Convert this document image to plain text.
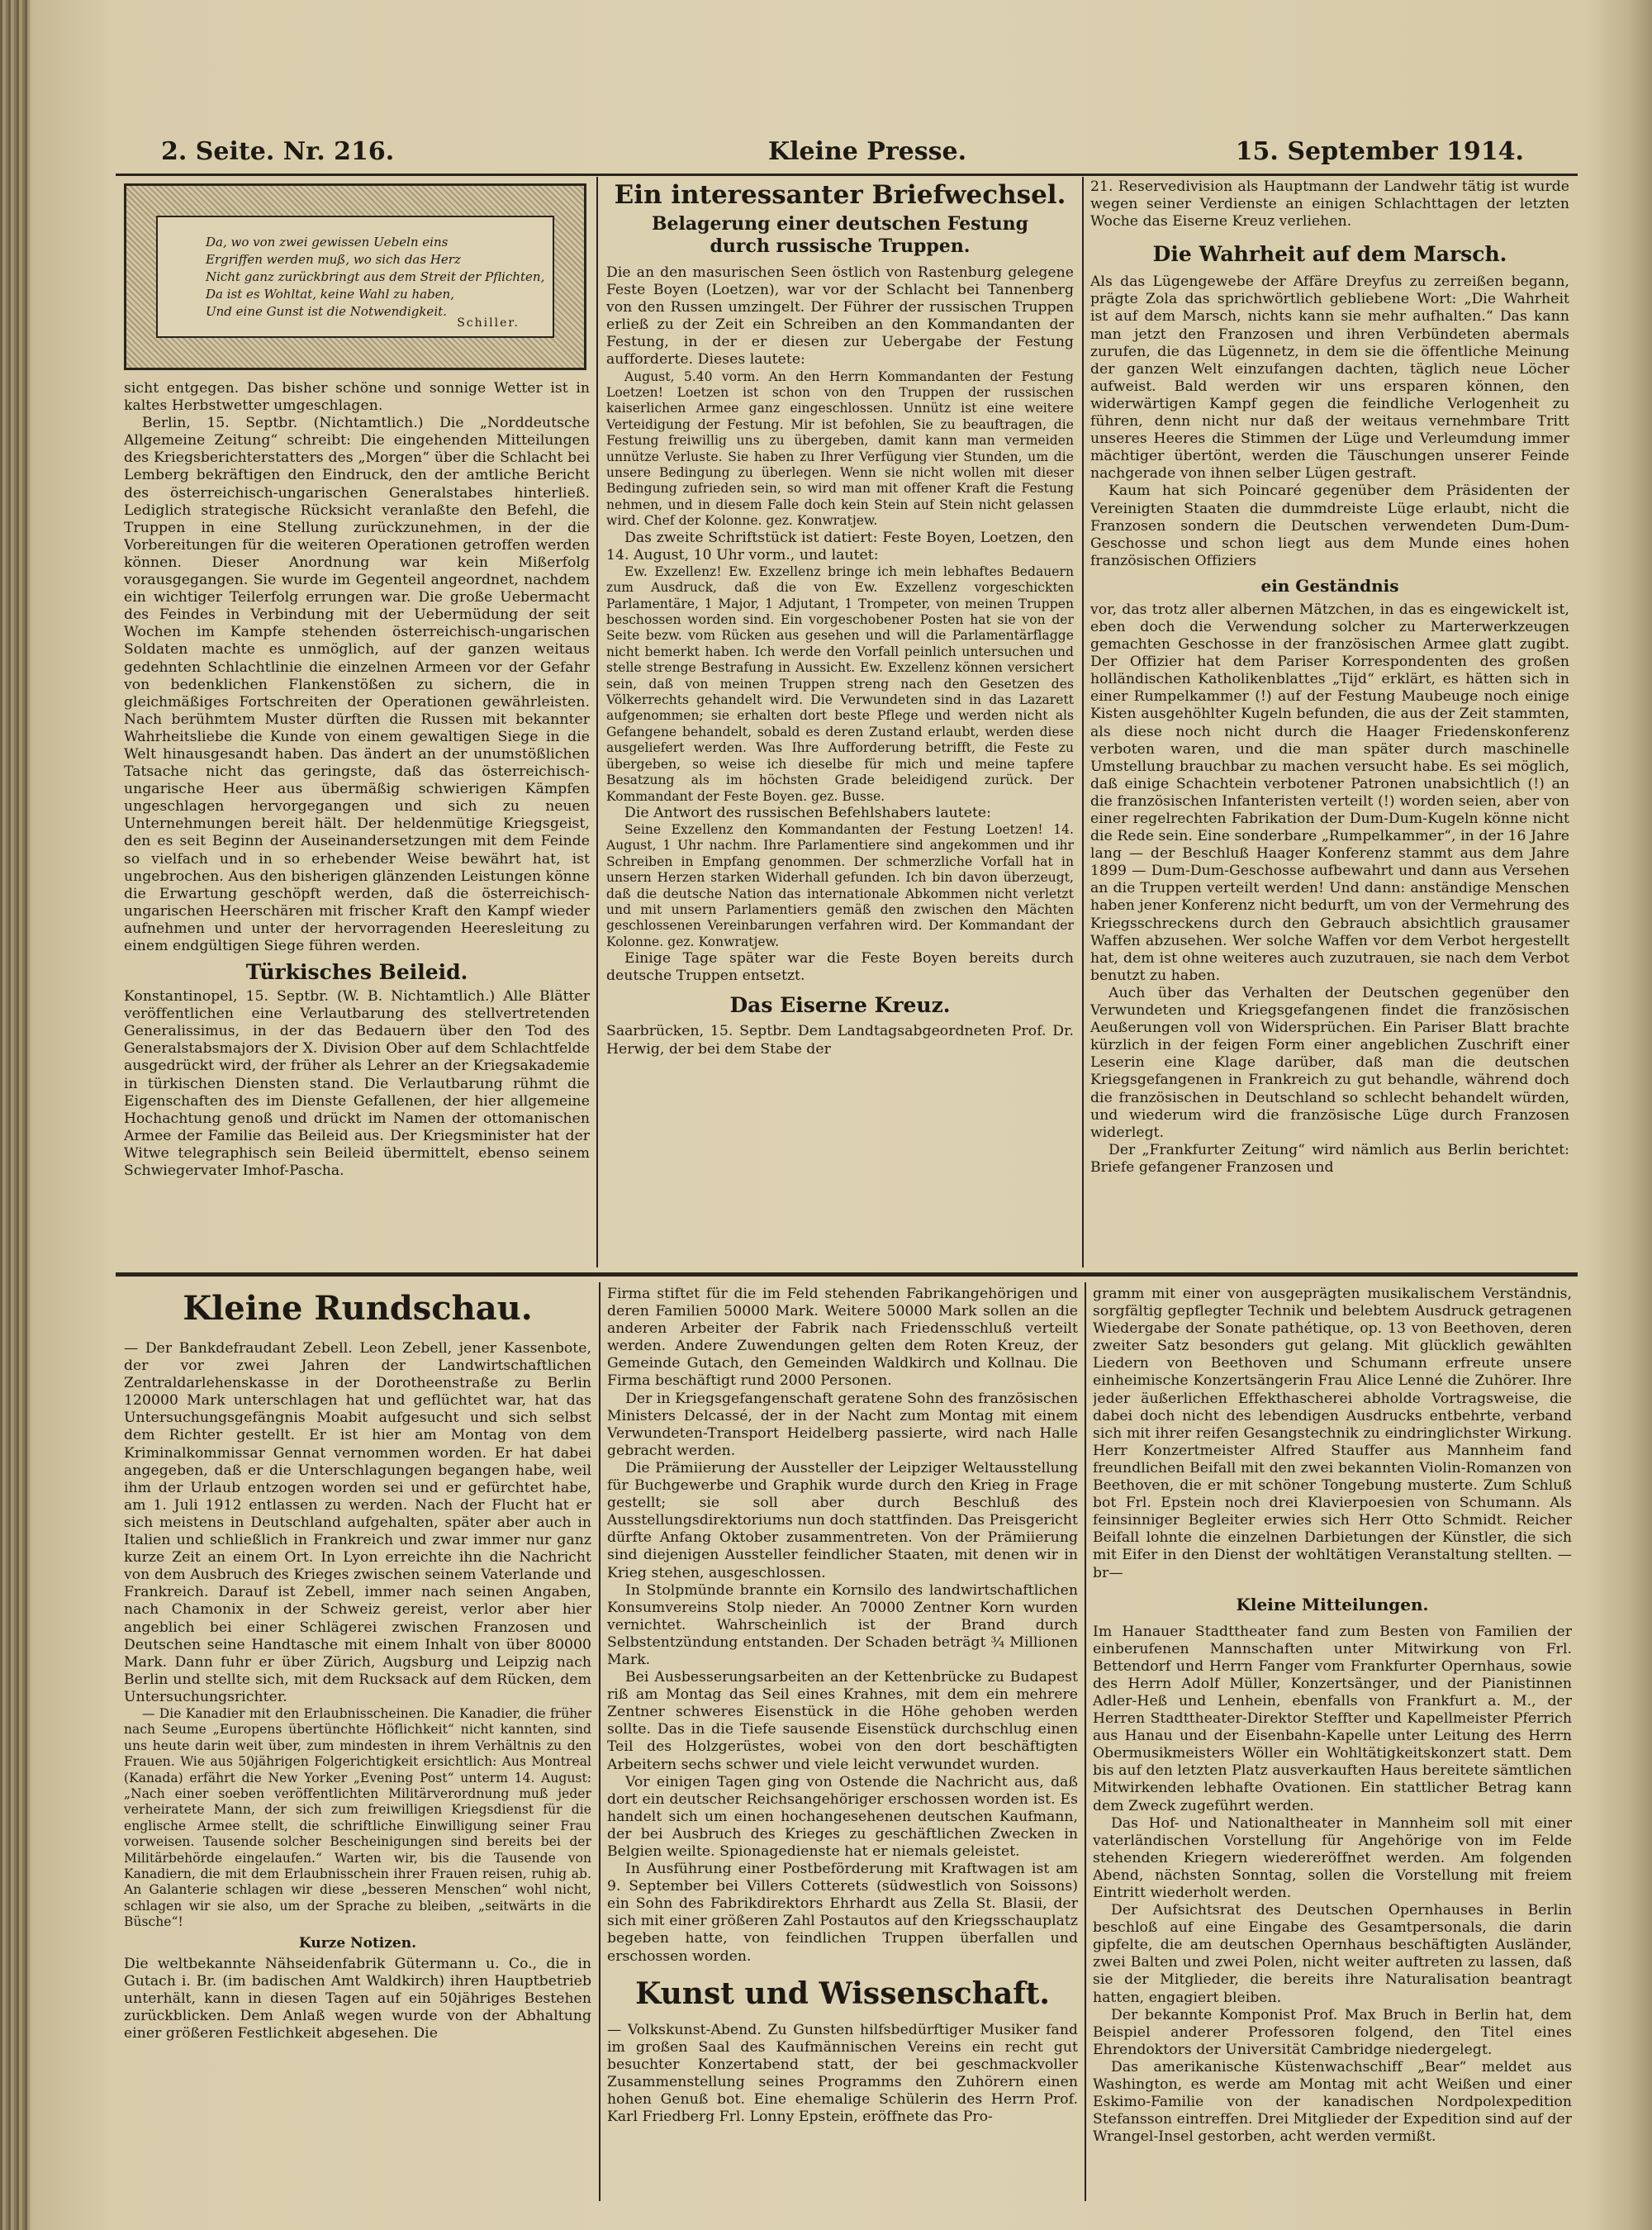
2. Seite. Nr. 216.	Kleine Presse.	15. September 1914.

Da, wo von zwei gewissen Uebeln eins

Ergriffen werden muß, wo sich das Herz

Nicht ganz zurückbringt aus dem Streit der Pflichten,

Da ist es Wohltat, keine Wahl zu haben,

Und eine Gunst ist die Notwendigkeit.

Schiller.

sicht entgegen. Das bisher schöne und sonnige Wetter ist in kaltes Herbstwetter umgeschlagen.

Berlin, 15. Septbr. (Nichtamtlich.) Die „Norddeutsche Allgemeine Zeitung“ schreibt: Die eingehenden Mitteilungen des Kriegsberichterstatters des „Morgen“ über die Schlacht bei Lemberg bekräftigen den Eindruck, den der amtliche Bericht des österreichisch-ungarischen Generalstabes hinterließ. Lediglich strategische Rücksicht veranlaßte den Befehl, die Truppen in eine Stellung zurückzunehmen, in der die Vorbereitungen für die weiteren Operationen getroffen werden können. Dieser Anordnung war kein Mißerfolg vorausgegangen. Sie wurde im Gegenteil angeordnet, nachdem ein wichtiger Teilerfolg errungen war. Die große Uebermacht des Feindes in Verbindung mit der Uebermüdung der seit Wochen im Kampfe stehenden österreichisch-ungarischen Soldaten machte es unmöglich, auf der ganzen weitaus gedehnten Schlachtlinie die einzelnen Armeen vor der Gefahr von bedenklichen Flankenstößen zu sichern, die in gleichmäßiges Fortschreiten der Operationen gewährleisten. Nach berühmtem Muster dürften die Russen mit bekannter Wahrheitsliebe die Kunde von einem gewaltigen Siege in die Welt hinausgesandt haben. Das ändert an der unumstößlichen Tatsache nicht das geringste, daß das österreichisch-ungarische Heer aus übermäßig schwierigen Kämpfen ungeschlagen hervorgegangen und sich zu neuen Unternehmungen bereit hält. Der heldenmütige Kriegsgeist, den es seit Beginn der Auseinandersetzungen mit dem Feinde so vielfach und in so erhebender Weise bewährt hat, ist ungebrochen. Aus den bisherigen glänzenden Leistungen könne die Erwartung geschöpft werden, daß die österreichisch-ungarischen Heerschären mit frischer Kraft den Kampf wieder aufnehmen und unter der hervorragenden Heeresleitung zu einem endgültigen Siege führen werden.

Türkisches Beileid.

Konstantinopel, 15. Septbr. (W. B. Nichtamtlich.) Alle Blätter veröffentlichen eine Verlautbarung des stellvertretenden Generalissimus, in der das Bedauern über den Tod des Generalstabsmajors der X. Division Ober auf dem Schlachtfelde ausgedrückt wird, der früher als Lehrer an der Kriegsakademie in türkischen Diensten stand. Die Verlautbarung rühmt die Eigenschaften des im Dienste Gefallenen, der hier allgemeine Hochachtung genoß und drückt im Namen der ottomanischen Armee der Familie das Beileid aus. Der Kriegsminister hat der Witwe telegraphisch sein Beileid übermittelt, ebenso seinem Schwiegervater Imhof-Pascha.

Ein interessanter Briefwechsel.
Belagerung einer deutschen Festung
durch russische Truppen.

Die an den masurischen Seen östlich von Rastenburg gelegene Feste Boyen (Loetzen), war vor der Schlacht bei Tannenberg von den Russen umzingelt. Der Führer der russischen Truppen erließ zu der Zeit ein Schreiben an den Kommandanten der Festung, in der er diesen zur Uebergabe der Festung aufforderte. Dieses lautete:

August, 5.40 vorm. An den Herrn Kommandanten der Festung Loetzen! Loetzen ist schon von den Truppen der russischen kaiserlichen Armee ganz eingeschlossen. Unnütz ist eine weitere Verteidigung der Festung. Mir ist befohlen, Sie zu beauftragen, die Festung freiwillig uns zu übergeben, damit kann man vermeiden unnütze Verluste. Sie haben zu Ihrer Verfügung vier Stunden, um die unsere Bedingung zu überlegen. Wenn sie nicht wollen mit dieser Bedingung zufrieden sein, so wird man mit offener Kraft die Festung nehmen, und in diesem Falle doch kein Stein auf Stein nicht gelassen wird. Chef der Kolonne. gez. Konwratjew.

Das zweite Schriftstück ist datiert: Feste Boyen, Loetzen, den 14. August, 10 Uhr vorm., und lautet:

Ew. Exzellenz! Ew. Exzellenz bringe ich mein lebhaftes Bedauern zum Ausdruck, daß die von Ew. Exzellenz vorgeschickten Parlamentäre, 1 Major, 1 Adjutant, 1 Trompeter, von meinen Truppen beschossen worden sind. Ein vorgeschobener Posten hat sie von der Seite bezw. vom Rücken aus gesehen und will die Parlamentärflagge nicht bemerkt haben. Ich werde den Vorfall peinlich untersuchen und stelle strenge Bestrafung in Aussicht. Ew. Exzellenz können versichert sein, daß von meinen Truppen streng nach den Gesetzen des Völkerrechts gehandelt wird. Die Verwundeten sind in das Lazarett aufgenommen; sie erhalten dort beste Pflege und werden nicht als Gefangene behandelt, sobald es deren Zustand erlaubt, werden diese ausgeliefert werden. Was Ihre Aufforderung betrifft, die Feste zu übergeben, so weise ich dieselbe für mich und meine tapfere Besatzung als im höchsten Grade beleidigend zurück. Der Kommandant der Feste Boyen. gez. Busse.

Die Antwort des russischen Befehlshabers lautete:

Seine Exzellenz den Kommandanten der Festung Loetzen! 14. August, 1 Uhr nachm. Ihre Parlamentiere sind angekommen und ihr Schreiben in Empfang genommen. Der schmerzliche Vorfall hat in unsern Herzen starken Widerhall gefunden. Ich bin davon überzeugt, daß die deutsche Nation das internationale Abkommen nicht verletzt und mit unsern Parlamentiers gemäß den zwischen den Mächten geschlossenen Vereinbarungen verfahren wird. Der Kommandant der Kolonne. gez. Konwratjew.

Einige Tage später war die Feste Boyen bereits durch deutsche Truppen entsetzt.

Das Eiserne Kreuz.

Saarbrücken, 15. Septbr. Dem Landtagsabgeordneten Prof. Dr. Herwig, der bei dem Stabe der

21. Reservedivision als Hauptmann der Landwehr tätig ist wurde wegen seiner Verdienste an einigen Schlachttagen der letzten Woche das Eiserne Kreuz verliehen.

Die Wahrheit auf dem Marsch.

Als das Lügengewebe der Affäre Dreyfus zu zerreißen begann, prägte Zola das sprichwörtlich gebliebene Wort: „Die Wahrheit ist auf dem Marsch, nichts kann sie mehr aufhalten.“ Das kann man jetzt den Franzosen und ihren Verbündeten abermals zurufen, die das Lügennetz, in dem sie die öffentliche Meinung der ganzen Welt einzufangen dachten, täglich neue Löcher aufweist. Bald werden wir uns ersparen können, den widerwärtigen Kampf gegen die feindliche Verlogenheit zu führen, denn nicht nur daß der weitaus vernehmbare Tritt unseres Heeres die Stimmen der Lüge und Verleumdung immer mächtiger übertönt, werden die Täuschungen unserer Feinde nachgerade von ihnen selber Lügen gestraft.

Kaum hat sich Poincaré gegenüber dem Präsidenten der Vereinigten Staaten die dummdreiste Lüge erlaubt, nicht die Franzosen sondern die Deutschen verwendeten Dum-Dum-Geschosse und schon liegt aus dem Munde eines hohen französischen Offiziers

ein Geständnis

vor, das trotz aller albernen Mätzchen, in das es eingewickelt ist, eben doch die Verwendung solcher zu Marterwerkzeugen gemachten Geschosse in der französischen Armee glatt zugibt. Der Offizier hat dem Pariser Korrespondenten des großen holländischen Katholikenblattes „Tijd“ erklärt, es hätten sich in einer Rumpelkammer (!) auf der Festung Maubeuge noch einige Kisten ausgehöhlter Kugeln befunden, die aus der Zeit stammten, als diese noch nicht durch die Haager Friedenskonferenz verboten waren, und die man später durch maschinelle Umstellung brauchbar zu machen versucht habe. Es sei möglich, daß einige Schachtein verbotener Patronen unabsichtlich (!) an die französischen Infanteristen verteilt (!) worden seien, aber von einer regelrechten Fabrikation der Dum-Dum-Kugeln könne nicht die Rede sein. Eine sonderbare „Rumpelkammer“, in der 16 Jahre lang — der Beschluß Haager Konferenz stammt aus dem Jahre 1899 — Dum-Dum-Geschosse aufbewahrt und dann aus Versehen an die Truppen verteilt werden! Und dann: anständige Menschen haben jener Konferenz nicht bedurft, um von der Vermehrung des Kriegsschreckens durch den Gebrauch absichtlich grausamer Waffen abzusehen. Wer solche Waffen vor dem Verbot hergestellt hat, dem ist ohne weiteres auch zuzutrauen, sie nach dem Verbot benutzt zu haben.

Auch über das Verhalten der Deutschen gegenüber den Verwundeten und Kriegsgefangenen findet die französischen Aeußerungen voll von Widersprüchen. Ein Pariser Blatt brachte kürzlich in der feigen Form einer angeblichen Zuschrift einer Leserin eine Klage darüber, daß man die deutschen Kriegsgefangenen in Frankreich zu gut behandle, während doch die französischen in Deutschland so schlecht behandelt würden, und wiederum wird die französische Lüge durch Franzosen widerlegt.

Der „Frankfurter Zeitung“ wird nämlich aus Berlin berichtet: Briefe gefangener Franzosen und

Kleine Rundschau.

— Der Bankdefraudant Zebell. Leon Zebell, jener Kassenbote, der vor zwei Jahren der Landwirtschaftlichen Zentraldarlehenskasse in der Dorotheenstraße zu Berlin 120000 Mark unterschlagen hat und geflüchtet war, hat das Untersuchungsgefängnis Moabit aufgesucht und sich selbst dem Richter gestellt. Er ist hier am Montag von dem Kriminalkommissar Gennat vernommen worden. Er hat dabei angegeben, daß er die Unterschlagungen begangen habe, weil ihm der Urlaub entzogen worden sei und er gefürchtet habe, am 1. Juli 1912 entlassen zu werden. Nach der Flucht hat er sich meistens in Deutschland aufgehalten, später aber auch in Italien und schließlich in Frankreich und zwar immer nur ganz kurze Zeit an einem Ort. In Lyon erreichte ihn die Nachricht von dem Ausbruch des Krieges zwischen seinem Vaterlande und Frankreich. Darauf ist Zebell, immer nach seinen Angaben, nach Chamonix in der Schweiz gereist, verlor aber hier angeblich bei einer Schlägerei zwischen Franzosen und Deutschen seine Handtasche mit einem Inhalt von über 80000 Mark. Dann fuhr er über Zürich, Augsburg und Leipzig nach Berlin und stellte sich, mit dem Rucksack auf dem Rücken, dem Untersuchungsrichter.

— Die Kanadier mit den Erlaubnisscheinen. Die Kanadier, die früher nach Seume „Europens übertünchte Höflichkeit“ nicht kannten, sind uns heute darin weit über, zum mindesten in ihrem Verhältnis zu den Frauen. Wie aus 50jährigen Folgerichtigkeit ersichtlich: Aus Montreal (Kanada) erfährt die New Yorker „Evening Post“ unterm 14. August: „Nach einer soeben veröffentlichten Militärverordnung muß jeder verheiratete Mann, der sich zum freiwilligen Kriegsdienst für die englische Armee stellt, die schriftliche Einwilligung seiner Frau vorweisen. Tausende solcher Bescheinigungen sind bereits bei der Militärbehörde eingelaufen.“ Warten wir, bis die Tausende von Kanadiern, die mit dem Erlaubnisschein ihrer Frauen reisen, ruhig ab. An Galanterie schlagen wir diese „besseren Menschen“ wohl nicht, schlagen wir sie also, um der Sprache zu bleiben, „seitwärts in die Büsche“!

Kurze Notizen.

Die weltbekannte Nähseidenfabrik Gütermann u. Co., die in Gutach i. Br. (im badischen Amt Waldkirch) ihren Hauptbetrieb unterhält, kann in diesen Tagen auf ein 50jähriges Bestehen zurückblicken. Dem Anlaß wegen wurde von der Abhaltung einer größeren Festlichkeit abgesehen. Die

Firma stiftet für die im Feld stehenden Fabrikangehörigen und deren Familien 50000 Mark. Weitere 50000 Mark sollen an die anderen Arbeiter der Fabrik nach Friedensschluß verteilt werden. Andere Zuwendungen gelten dem Roten Kreuz, der Gemeinde Gutach, den Gemeinden Waldkirch und Kollnau. Die Firma beschäftigt rund 2000 Personen.

Der in Kriegsgefangenschaft geratene Sohn des französischen Ministers Delcassé, der in der Nacht zum Montag mit einem Verwundeten-Transport Heidelberg passierte, wird nach Halle gebracht werden.

Die Prämiierung der Aussteller der Leipziger Weltausstellung für Buchgewerbe und Graphik wurde durch den Krieg in Frage gestellt; sie soll aber durch Beschluß des Ausstellungsdirektoriums nun doch stattfinden. Das Preisgericht dürfte Anfang Oktober zusammentreten. Von der Prämiierung sind diejenigen Aussteller feindlicher Staaten, mit denen wir in Krieg stehen, ausgeschlossen.

In Stolpmünde brannte ein Kornsilo des landwirtschaftlichen Konsumvereins Stolp nieder. An 70000 Zentner Korn wurden vernichtet. Wahrscheinlich ist der Brand durch Selbstentzündung entstanden. Der Schaden beträgt ¾ Millionen Mark.

Bei Ausbesserungsarbeiten an der Kettenbrücke zu Budapest riß am Montag das Seil eines Krahnes, mit dem ein mehrere Zentner schweres Eisenstück in die Höhe gehoben werden sollte. Das in die Tiefe sausende Eisenstück durchschlug einen Teil des Holzgerüstes, wobei von den dort beschäftigten Arbeitern sechs schwer und viele leicht verwundet wurden.

Vor einigen Tagen ging von Ostende die Nachricht aus, daß dort ein deutscher Reichsangehöriger erschossen worden ist. Es handelt sich um einen hochangesehenen deutschen Kaufmann, der bei Ausbruch des Krieges zu geschäftlichen Zwecken in Belgien weilte. Spionagedienste hat er niemals geleistet.

In Ausführung einer Postbeförderung mit Kraftwagen ist am 9. September bei Villers Cotterets (südwestlich von Soissons) ein Sohn des Fabrikdirektors Ehrhardt aus Zella St. Blasii, der sich mit einer größeren Zahl Postautos auf den Kriegsschauplatz begeben hatte, von feindlichen Truppen überfallen und erschossen worden.

Kunst und Wissenschaft.

— Volkskunst-Abend. Zu Gunsten hilfsbedürftiger Musiker fand im großen Saal des Kaufmännischen Vereins ein recht gut besuchter Konzertabend statt, der bei geschmackvoller Zusammenstellung seines Programms den Zuhörern einen hohen Genuß bot. Eine ehemalige Schülerin des Herrn Prof. Karl Friedberg Frl. Lonny Epstein, eröffnete das Pro-

gramm mit einer von ausgeprägten musikalischem Verständnis, sorgfältig gepflegter Technik und belebtem Ausdruck getragenen Wiedergabe der Sonate pathétique, op. 13 von Beethoven, deren zweiter Satz besonders gut gelang. Mit glücklich gewählten Liedern von Beethoven und Schumann erfreute unsere einheimische Konzertsängerin Frau Alice Lenné die Zuhörer. Ihre jeder äußerlichen Effekthascherei abholde Vortragsweise, die dabei doch nicht des lebendigen Ausdrucks entbehrte, verband sich mit ihrer reifen Gesangstechnik zu eindringlichster Wirkung. Herr Konzertmeister Alfred Stauffer aus Mannheim fand freundlichen Beifall mit den zwei bekannten Violin-Romanzen von Beethoven, die er mit schöner Tongebung musterte. Zum Schluß bot Frl. Epstein noch drei Klavierpoesien von Schumann. Als feinsinniger Begleiter erwies sich Herr Otto Schmidt. Reicher Beifall lohnte die einzelnen Darbietungen der Künstler, die sich mit Eifer in den Dienst der wohltätigen Veranstaltung stellten. —br—

Kleine Mitteilungen.

Im Hanauer Stadttheater fand zum Besten von Familien der einberufenen Mannschaften unter Mitwirkung von Frl. Bettendorf und Herrn Fanger vom Frankfurter Opernhaus, sowie des Herrn Adolf Müller, Konzertsänger, und der Pianistinnen Adler-Heß und Lenhein, ebenfalls von Frankfurt a. M., der Herren Stadttheater-Direktor Steffter und Kapellmeister Pferrich aus Hanau und der Eisenbahn-Kapelle unter Leitung des Herrn Obermusikmeisters Wöller ein Wohltätigkeitskonzert statt. Dem bis auf den letzten Platz ausverkauften Haus bereitete sämtlichen Mitwirkenden lebhafte Ovationen. Ein stattlicher Betrag kann dem Zweck zugeführt werden.

Das Hof- und Nationaltheater in Mannheim soll mit einer vaterländischen Vorstellung für Angehörige von im Felde stehenden Kriegern wiedereröffnet werden. Am folgenden Abend, nächsten Sonntag, sollen die Vorstellung mit freiem Eintritt wiederholt werden.

Der Aufsichtsrat des Deutschen Opernhauses in Berlin beschloß auf eine Eingabe des Gesamtpersonals, die darin gipfelte, die am deutschen Opernhaus beschäftigten Ausländer, zwei Balten und zwei Polen, nicht weiter auftreten zu lassen, daß sie der Mitglieder, die bereits ihre Naturalisation beantragt hatten, engagiert bleiben.

Der bekannte Komponist Prof. Max Bruch in Berlin hat, dem Beispiel anderer Professoren folgend, den Titel eines Ehrendoktors der Universität Cambridge niedergelegt.

Das amerikanische Küstenwachschiff „Bear“ meldet aus Washington, es werde am Montag mit acht Weißen und einer Eskimo-Familie von der kanadischen Nordpolexpedition Stefansson eintreffen. Drei Mitglieder der Expedition sind auf der Wrangel-Insel gestorben, acht werden vermißt.
